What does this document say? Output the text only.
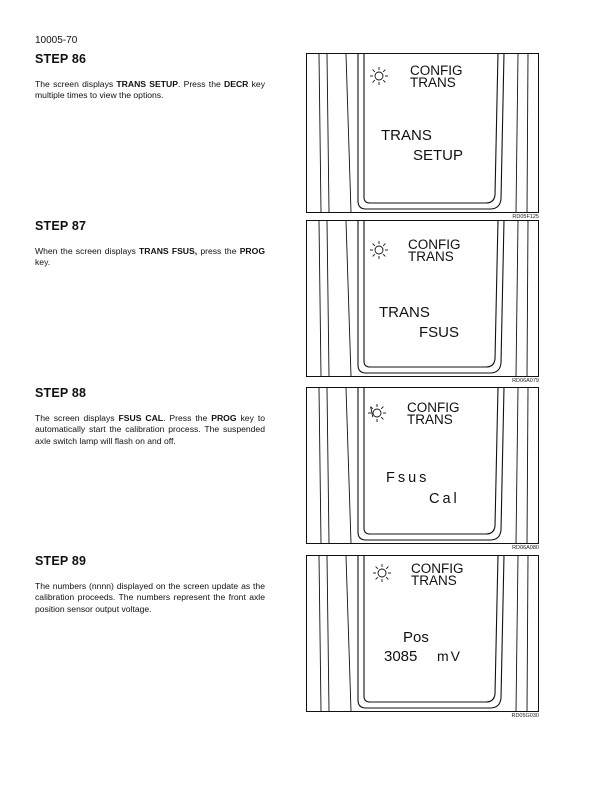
10005-70
STEP 86

The screen displays TRANS SETUP. Press the DECR key multiple times to view the options.

CONFIG
TRANS
TRANS
SETUP
RD05F125
STEP 87

When the screen displays TRANS FSUS, press the PROG key.

CONFIG
TRANS
TRANS
FSUS
RD06A079
STEP 88

The screen displays FSUS CAL. Press the PROG key to automatically start the calibration process. The suspended axle switch lamp will flash on and off.

CONFIG
TRANS
Fsus
Cal
RD06A080
STEP 89

The numbers (nnnn) displayed on the screen update as the calibration proceeds. The numbers represent the front axle position sensor output voltage.

CONFIG
TRANS
Pos
3085 mV
RD05G030
